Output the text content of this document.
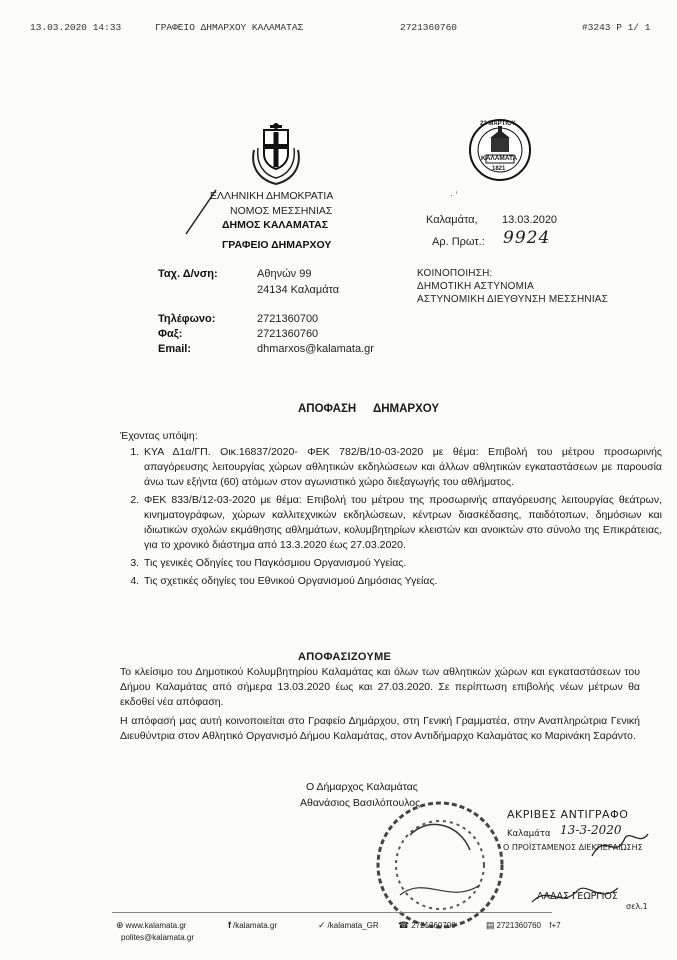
13.03.2020 14:33	ΓΡΑΦΕΙΟ ΔΗΜΑΡΧΟΥ ΚΑΛΑΜΑΤΑΣ	2721360760	#3243 P 1/ 1
23 ΜΑΡΤΙΟΥ
ΚΑΛΑΜΑΤΑ
1821
ΕΛΛΗΝΙΚΗ ΔΗΜΟΚΡΑΤΙΑ
ΝΟΜΟΣ ΜΕΣΣΗΝΙΑΣ
ΔΗΜΟΣ ΚΑΛΑΜΑΤΑΣ
ΓΡΑΦΕΙΟ ΔΗΜΑΡΧΟΥ
Καλαμάτα, 13.03.2020
Αρ. Πρωτ.: 9924
· ’
Ταχ. Δ/νση:	Αθηνών 99
24134 Καλαμάτα
Τηλέφωνο:	2721360700
Φαξ:	2721360760
Email:	dhmarxos@kalamata.gr
ΚΟΙΝΟΠΟΙΗΣΗ:
ΔΗΜΟΤΙΚΗ ΑΣΤΥΝΟΜΙΑ
ΑΣΤΥΝΟΜΙΚΗ ΔΙΕΥΘΥΝΣΗ ΜΕΣΣΗΝΙΑΣ
ΑΠΟΦΑΣΗ ΔΗΜΑΡΧΟΥ
Έχοντας υπόψη:
1. ΚΥΑ Δ1α/ΓΠ. Οικ.16837/2020- ΦΕΚ 782/Β/10-03-2020 με θέμα: Επιβολή του μέτρου προσωρινής απαγόρευσης λειτουργίας χώρων αθλητικών εκδηλώσεων και άλλων αθλητικών εγκαταστάσεων με παρουσία άνω των εξήντα (60) ατόμων στον αγωνιστικό χώρο διεξαγωγής του αθλήματος.
2. ΦΕΚ 833/Β/12-03-2020 με θέμα: Επιβολή του μέτρου της προσωρινής απαγόρευσης λειτουργίας θεάτρων, κινηματογράφων, χώρων καλλιτεχνικών εκδηλώσεων, κέντρων διασκέδασης, παιδότοπων, δημόσιων και ιδιωτικών σχολών εκμάθησης αθλημάτων, κολυμβητηρίων κλειστών και ανοικτών στο σύνολο της Επικράτειας, για το χρονικό διάστημα από 13.3.2020 έως 27.03.2020.
3. Τις γενικές Οδηγίες του Παγκόσμιου Οργανισμού Υγείας.
4. Τις σχετικές οδηγίες του Εθνικού Οργανισμού Δημόσιας Υγείας.
ΑΠΟΦΑΣΙΖΟΥΜΕ
Το κλείσιμο του Δημοτικού Κολυμβητηρίου Καλαμάτας και όλων των αθλητικών χώρων και εγκαταστάσεων του Δήμου Καλαμάτας από σήμερα 13.03.2020 έως και 27.03.2020. Σε περίπτωση επιβολής νέων μέτρων θα εκδοθεί νέα απόφαση.
Η απόφασή μας αυτή κοινοποιείται στο Γραφείο Δημάρχου, στη Γενική Γραμματέα, στην Αναπληρώτρια Γενική Διευθύντρια στον Αθλητικό Οργανισμό Δήμου Καλαμάτας, στον Αντιδήμαρχο Καλαμάτας κο Μαρινάκη Σαράντο.
Ο Δήμαρχος Καλαμάτας
Αθανάσιος Βασιλόπουλος
ΑΚΡΙΒΕΣ ΑΝΤΙΓΡΑΦΟ
Καλαμάτα 13-3-2020
Ο ΠΡΟΪΣΤΑΜΕΝΟΣ ΔΙΕΚΠΕΡΑΙΩΣΗΣ
ΛΑΔΑΣ ΓΕΩΡΓΙΟΣ
σελ.1
⊕ www.kalamata.gr
polites@kalamata.gr
f /kalamata.gr	✓ /kalamata_GR ☎ 2721360700	▤ 2721360760 f+7
